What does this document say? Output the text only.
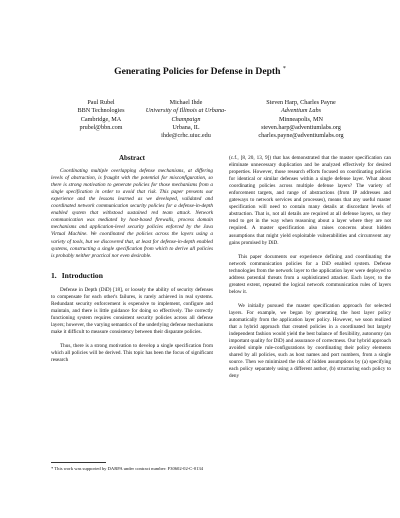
Generating Policies for Defense in Depth *
Paul Rubel
BBN Technologies
Cambridge, MA
prubel@bbn.com
Michael Ihde
University of Illinois at Urbana-Champaign
Urbana, IL
ihde@crhc.uiuc.edu
Steven Harp, Charles Payne
Adventium Labs
Minneapolis, MN
steven.harp@adventiumlabs.org
charles.payne@adventiumlabs.org
Abstract

Coordinating multiple overlapping defense mechanisms, at differing levels of abstraction, is fraught with the potential for misconfiguration, so there is strong motivation to generate policies for those mechanisms from a single specification in order to avoid that risk. This paper presents our experience and the lessons learned as we developed, validated and coordinated network communication security policies for a defense-in-depth enabled system that withstood sustained red team attack. Network communication was mediated by host-based firewalls, process domain mechanisms and application-level security policies enforced by the Java Virtual Machine. We coordinated the policies across the layers using a variety of tools, but we discovered that, at least for defense-in-depth enabled systems, constructing a single specification from which to derive all policies is probably neither practical nor even desirable.

1. Introduction

Defense in Depth (DiD) [18], or loosely the ability of security defenses to compensate for each other's failures, is rarely achieved in real systems. Redundant security enforcement is expensive to implement, configure and maintain, and there is little guidance for doing so effectively. The correctly functioning system requires consistent security policies across all defense layers; however, the varying semantics of the underlying defense mechanisms make it difficult to measure consistency between their disparate policies.

Thus, there is a strong motivation to develop a single specification from which all policies will be derived. This topic has been the focus of significant research

* This work was supported by DARPA under contract number: F30602-02-C-0134

(c.f., [8, 20, 13, 9]) that has demonstrated that the master specification can eliminate unnecessary duplication and be analyzed effectively for desired properties. However, those research efforts focused on coordinating policies for identical or similar defenses within a single defense layer. What about coordinating policies across multiple defense layers? The variety of enforcement targets, and range of abstractions (from IP addresses and gateways to network services and processes), means that any useful master specification will need to contain many details at discordant levels of abstraction. That is, not all details are required at all defense layers, so they tend to get in the way when reasoning about a layer where they are not required. A master specification also raises concerns about hidden assumptions that might yield exploitable vulnerabilities and circumvent any gains promised by DiD.

This paper documents our experience defining and coordinating the network communication policies for a DiD enabled system. Defense technologies from the network layer to the application layer were deployed to address potential threats from a sophisticated attacker. Each layer, to the greatest extent, repeated the logical network communication rules of layers below it.

We initially pursued the master specification approach for selected layers. For example, we began by generating the host layer policy automatically from the application layer policy. However, we soon realized that a hybrid approach that created policies in a coordinated but largely independent fashion would yield the best balance of flexibility, autonomy (an important quality for DiD) and assurance of correctness. Our hybrid approach avoided simple rule-configurations by coordinating their policy elements shared by all policies, such as host names and port numbers, from a single source. Then we minimized the risk of hidden assumptions by (a) specifying each policy separately using a different author, (b) structuring each policy to deny
